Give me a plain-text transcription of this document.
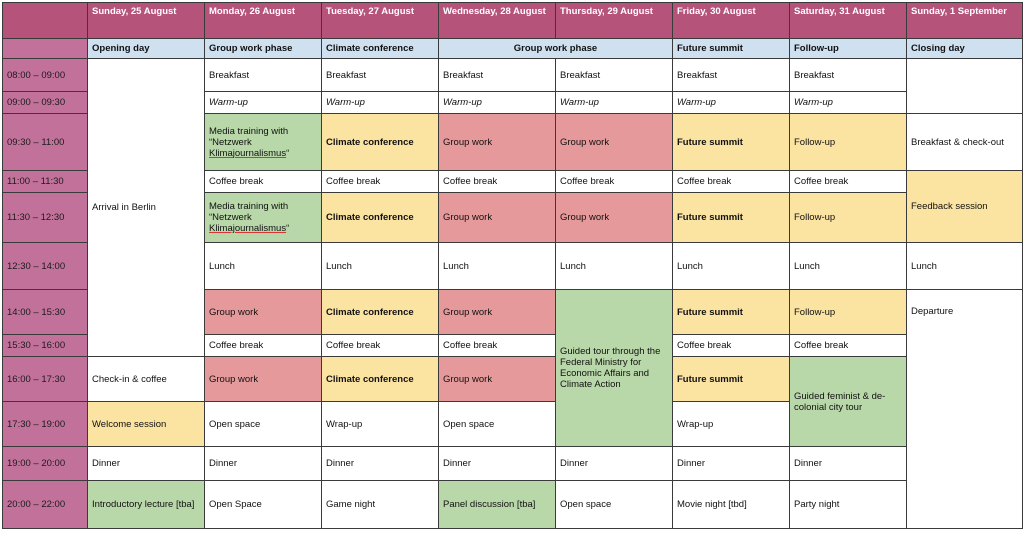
	Sunday, 25 August	Monday, 26 August	Tuesday, 27 August	Wednesday, 28 August	Thursday, 29 August	Friday, 30 August	Saturday, 31 August	Sunday, 1 September
	Opening day	Group work phase	Climate conference	Group work phase		Future summit	Follow-up	Closing day
08:00 – 09:00	Arrival in Berlin	Breakfast	Breakfast	Breakfast	Breakfast	Breakfast	Breakfast	
09:00 – 09:30		Warm-up	Warm-up	Warm-up	Warm-up	Warm-up	Warm-up	
09:30 – 11:00		Media training with “Netzwerk Klimajournalismus“	Climate conference	Group work	Group work	Future summit	Follow-up	Breakfast & check-out
11:00 – 11:30		Coffee break	Coffee break	Coffee break	Coffee break	Coffee break	Coffee break	Feedback session
11:30 – 12:30		Media training with “Netzwerk Klimajournalismus“	Climate conference	Group work	Group work	Future summit	Follow-up	
12:30 – 14:00		Lunch	Lunch	Lunch	Lunch	Lunch	Lunch	Lunch
14:00 – 15:30		Group work	Climate conference	Group work	Guided tour through the Federal Ministry for Economic Affairs and Climate Action	Future summit	Follow-up	Departure
15:30 – 16:00		Coffee break	Coffee break	Coffee break		Coffee break	Coffee break	
16:00 – 17:30	Check-in & coffee	Group work	Climate conference	Group work		Future summit	Guided feminist & de-colonial city tour	
17:30 – 19:00	Welcome session	Open space	Wrap-up	Open space		Wrap-up		
19:00 – 20:00	Dinner	Dinner	Dinner	Dinner	Dinner	Dinner	Dinner	
20:00 – 22:00	Introductory lecture [tba]	Open Space	Game night	Panel discussion [tba]	Open space	Movie night [tbd]	Party night	
